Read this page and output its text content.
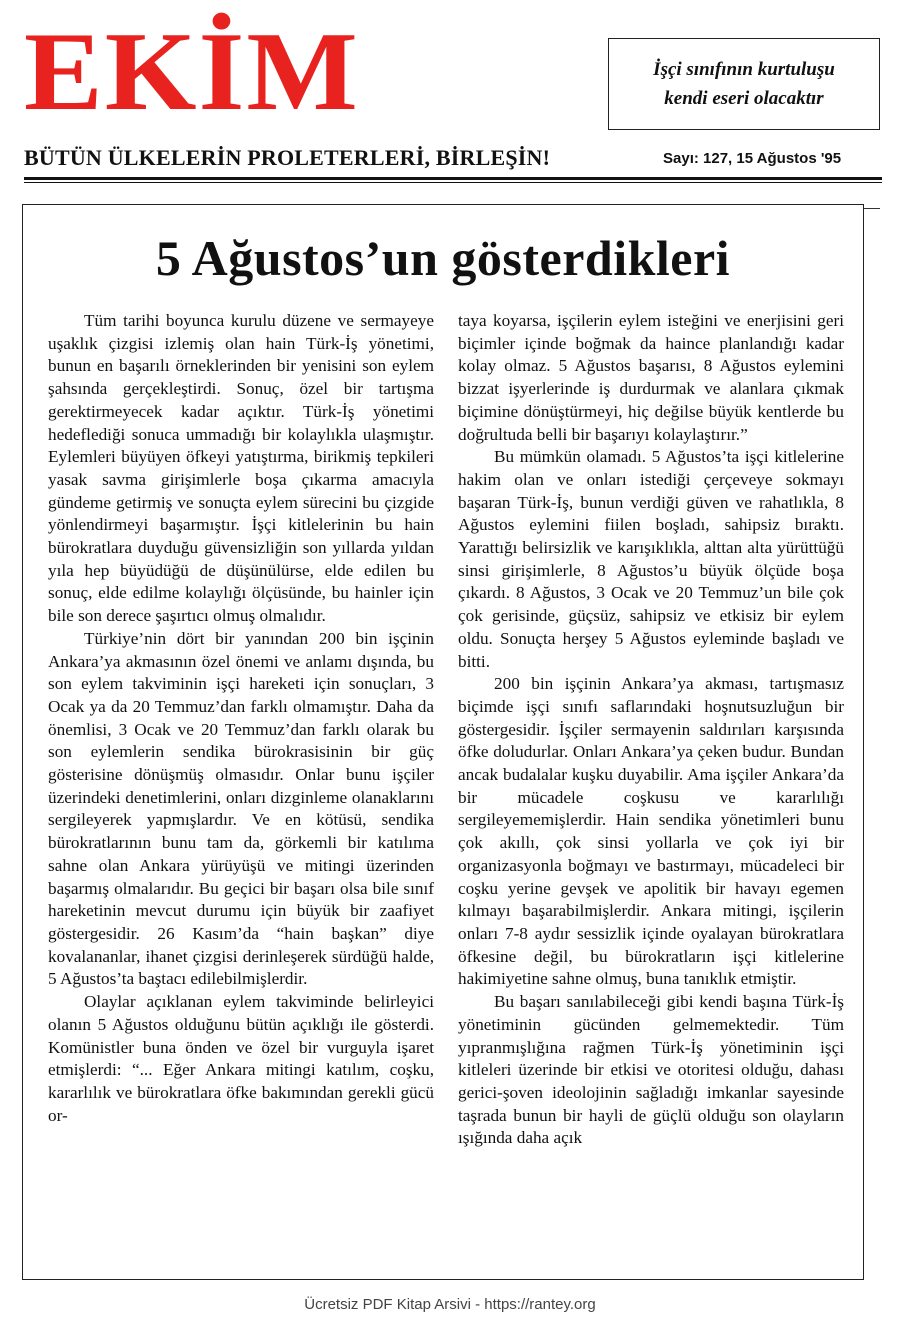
EKİM	İşçi sınıfının kurtuluşu
kendi eseri olacaktır
BÜTÜN ÜLKELERİN PROLETERLERİ, BİRLEŞİN!	Sayı: 127, 15 Ağustos '95
5 Ağustos’un gösterdikleri

Tüm tarihi boyunca kurulu düzene ve sermayeye uşaklık çizgisi izlemiş olan hain Türk-İş yönetimi, bunun en başarılı örneklerinden bir yenisini son eylem şahsında gerçekleştirdi. Sonuç, özel bir tartışma gerektirmeyecek kadar açıktır. Türk-İş yönetimi hedeflediği sonuca ummadığı bir kolaylıkla ulaşmıştır. Eylemleri büyüyen öfkeyi yatıştırma, birikmiş tepkileri yasak savma girişimlerle boşa çıkarma amacıyla gündeme getirmiş ve sonuçta eylem sürecini bu çizgide yönlendirmeyi başarmıştır. İşçi kitlelerinin bu hain bürokratlara duyduğu güvensizliğin son yıllarda yıldan yıla hep büyüdüğü de düşünülürse, elde edilen bu sonuç, elde edilme kolaylığı ölçüsünde, bu hainler için bile son derece şaşırtıcı olmuş olmalıdır.

Türkiye’nin dört bir yanından 200 bin işçinin Ankara’ya akmasının özel önemi ve anlamı dışında, bu son eylem takviminin işçi hareketi için sonuçları, 3 Ocak ya da 20 Temmuz’dan farklı olmamıştır. Daha da önemlisi, 3 Ocak ve 20 Temmuz’dan farklı olarak bu son eylemlerin sendika bürokrasisinin bir güç gösterisine dönüşmüş olmasıdır. Onlar bunu işçiler üzerindeki denetimlerini, onları dizginleme olanaklarını sergileyerek yapmışlardır. Ve en kötüsü, sendika bürokratlarının bunu tam da, görkemli bir katılıma sahne olan Ankara yürüyüşü ve mitingi üzerinden başarmış olmalarıdır. Bu geçici bir başarı olsa bile sınıf hareketinin mevcut durumu için büyük bir zaafiyet göstergesidir. 26 Kasım’da “hain başkan” diye kovalananlar, ihanet çizgisi derinleşerek sürdüğü halde, 5 Ağustos’ta baştacı edilebilmişlerdir.

Olaylar açıklanan eylem takviminde belirleyici olanın 5 Ağustos olduğunu bütün açıklığı ile gösterdi. Komünistler buna önden ve özel bir vurguyla işaret etmişlerdi: “... Eğer Ankara mitingi katılım, coşku, kararlılık ve bürokratlara öfke bakımından gerekli gücü or-

taya koyarsa, işçilerin eylem isteğini ve enerjisini geri biçimler içinde boğmak da haince planlandığı kadar kolay olmaz. 5 Ağustos başarısı, 8 Ağustos eylemini bizzat işyerlerinde iş durdurmak ve alanlara çıkmak biçimine dönüştürmeyi, hiç değilse büyük kentlerde bu doğrultuda belli bir başarıyı kolaylaştırır.”

Bu mümkün olamadı. 5 Ağustos’ta işçi kitlelerine hakim olan ve onları istediği çerçeveye sokmayı başaran Türk-İş, bunun verdiği güven ve rahatlıkla, 8 Ağustos eylemini fiilen boşladı, sahipsiz bıraktı. Yarattığı belirsizlik ve karışıklıkla, alttan alta yürüttüğü sinsi girişimlerle, 8 Ağustos’u büyük ölçüde boşa çıkardı. 8 Ağustos, 3 Ocak ve 20 Temmuz’un bile çok çok gerisinde, güçsüz, sahipsiz ve etkisiz bir eylem oldu. Sonuçta herşey 5 Ağustos eyleminde başladı ve bitti.

200 bin işçinin Ankara’ya akması, tartışmasız biçimde işçi sınıfı saflarındaki hoşnutsuzluğun bir göstergesidir. İşçiler sermayenin saldırıları karşısında öfke doludurlar. Onları Ankara’ya çeken budur. Bundan ancak budalalar kuşku duyabilir. Ama işçiler Ankara’da bir mücadele coşkusu ve kararlılığı sergileyememişlerdir. Hain sendika yönetimleri bunu çok akıllı, çok sinsi yollarla ve çok iyi bir organizasyonla boğmayı ve bastırmayı, mücadeleci bir coşku yerine gevşek ve apolitik bir havayı egemen kılmayı başarabilmişlerdir. Ankara mitingi, işçilerin onları 7-8 aydır sessizlik içinde oyalayan bürokratlara öfkesine değil, bu bürokratların işçi kitlelerine hakimiyetine sahne olmuş, buna tanıklık etmiştir.

Bu başarı sanılabileceği gibi kendi başına Türk-İş yönetiminin gücünden gelmemektedir. Tüm yıpranmışlığına rağmen Türk-İş yönetiminin işçi kitleleri üzerinde bir etkisi ve otoritesi olduğu, dahası gerici-şoven ideolojinin sağladığı imkanlar sayesinde taşrada bunun bir hayli de güçlü olduğu son olayların ışığında daha açık

Ücretsiz PDF Kitap Arsivi - https://rantey.org
